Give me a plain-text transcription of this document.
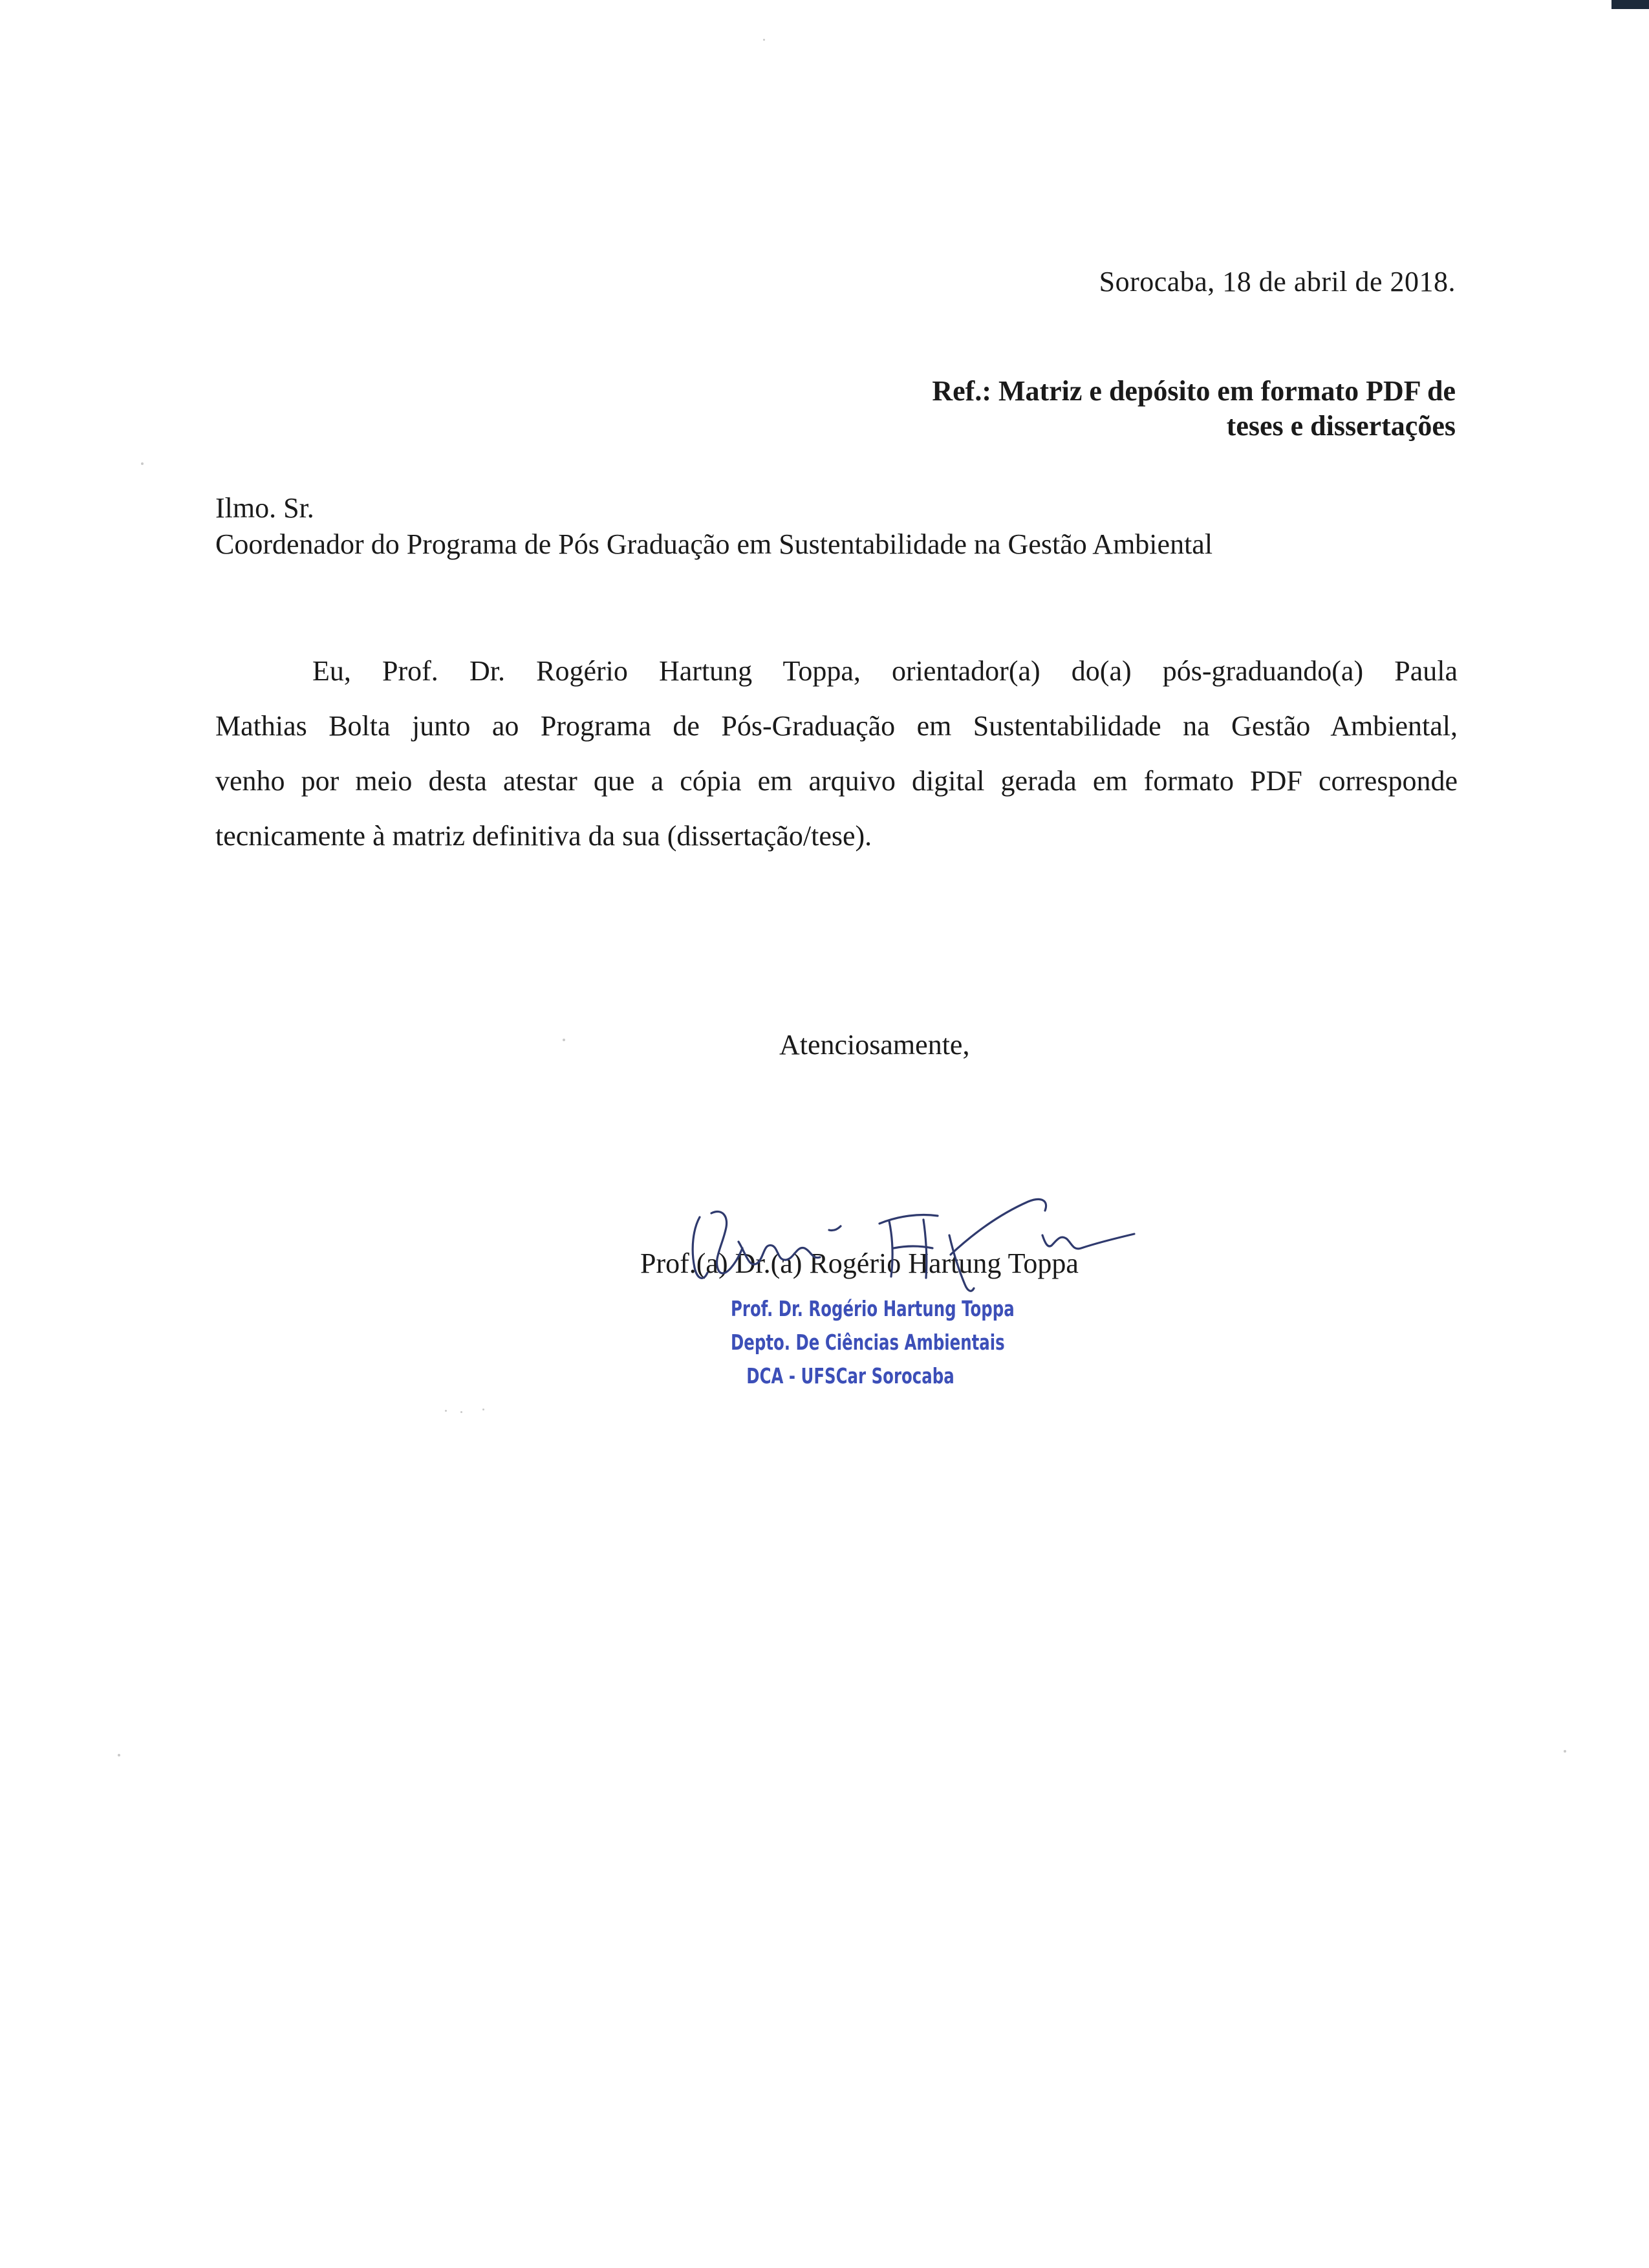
Sorocaba, 18 de abril de 2018.
Ref.: Matriz e depósito em formato PDF de
teses e dissertações
Ilmo. Sr.
Coordenador do Programa de Pós Graduação em Sustentabilidade na Gestão Ambiental
Eu, Prof. Dr. Rogério Hartung Toppa, orientador(a) do(a) pós-graduando(a) Paula
Mathias Bolta junto ao Programa de Pós-Graduação em Sustentabilidade na Gestão Ambiental,
venho por meio desta atestar que a cópia em arquivo digital gerada em formato PDF corresponde
tecnicamente à matriz definitiva da sua (dissertação/tese).
Atenciosamente,
Prof.(a) Dr.(a) Rogério Hartung Toppa
Prof. Dr. Rogério Hartung Toppa
Depto. De Ciências Ambientais
DCA - UFSCar Sorocaba
